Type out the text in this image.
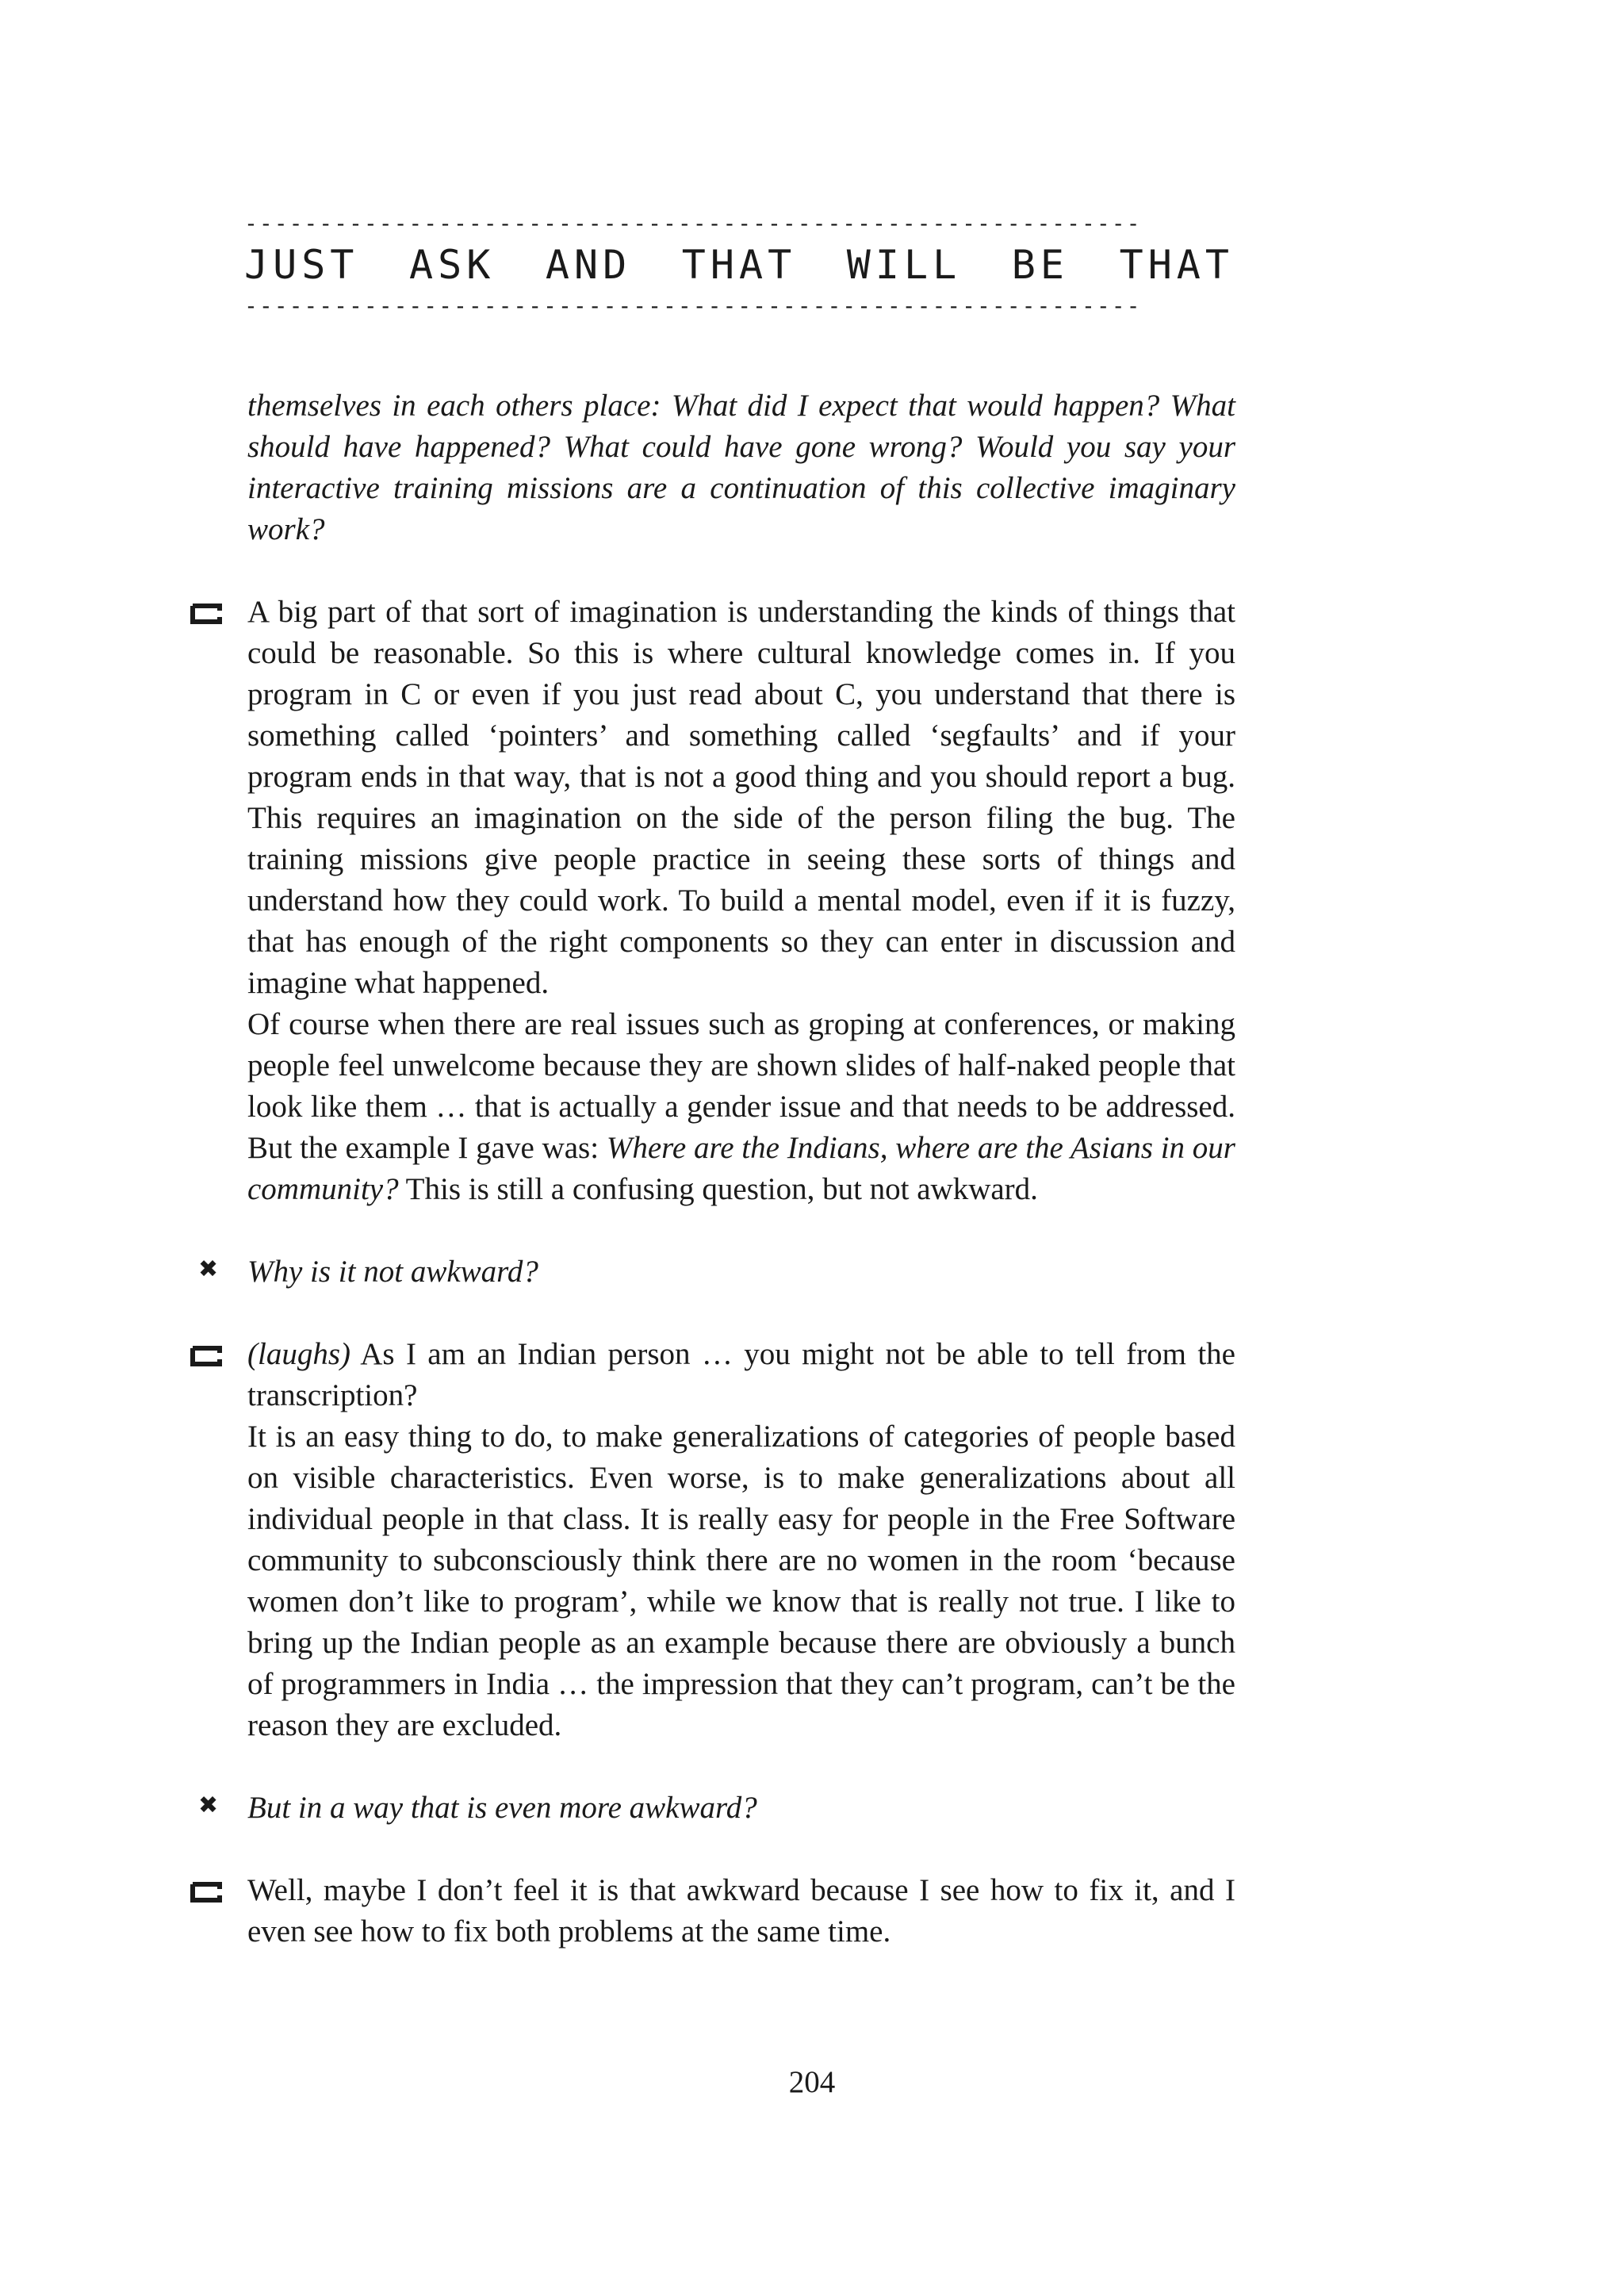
------------------------------------------------------------
JUST ASK AND THAT WILL BE THAT
------------------------------------------------------------

themselves in each others place: What did I expect that would happen? What should have happened? What could have gone wrong? Would you say your interactive training missions are a continuation of this collective imaginary work?

A big part of that sort of imagination is understanding the kinds of things that could be reasonable. So this is where cultural knowledge comes in. If you program in C or even if you just read about C, you understand that there is something called ‘pointers’ and something called ‘segfaults’ and if your program ends in that way, that is not a good thing and you should report a bug. This requires an imagination on the side of the person filing the bug. The training missions give people practice in seeing these sorts of things and understand how they could work. To build a mental model, even if it is fuzzy, that has enough of the right components so they can enter in discussion and imagine what happened.

Of course when there are real issues such as groping at conferences, or making people feel unwelcome because they are shown slides of half-naked people that look like them … that is actually a gender issue and that needs to be addressed. But the example I gave was: Where are the Indians, where are the Asians in our community? This is still a confusing question, but not awkward.

✖ Why is it not awkward?

(laughs) As I am an Indian person … you might not be able to tell from the transcription?

It is an easy thing to do, to make generalizations of categories of people based on visible characteristics. Even worse, is to make generalizations about all individual people in that class. It is really easy for people in the Free Software community to subconsciously think there are no women in the room ‘because women don’t like to program’, while we know that is really not true. I like to bring up the Indian people as an example because there are obviously a bunch of programmers in India … the impression that they can’t program, can’t be the reason they are excluded.

✖ But in a way that is even more awkward?

Well, maybe I don’t feel it is that awkward because I see how to fix it, and I even see how to fix both problems at the same time.

204
